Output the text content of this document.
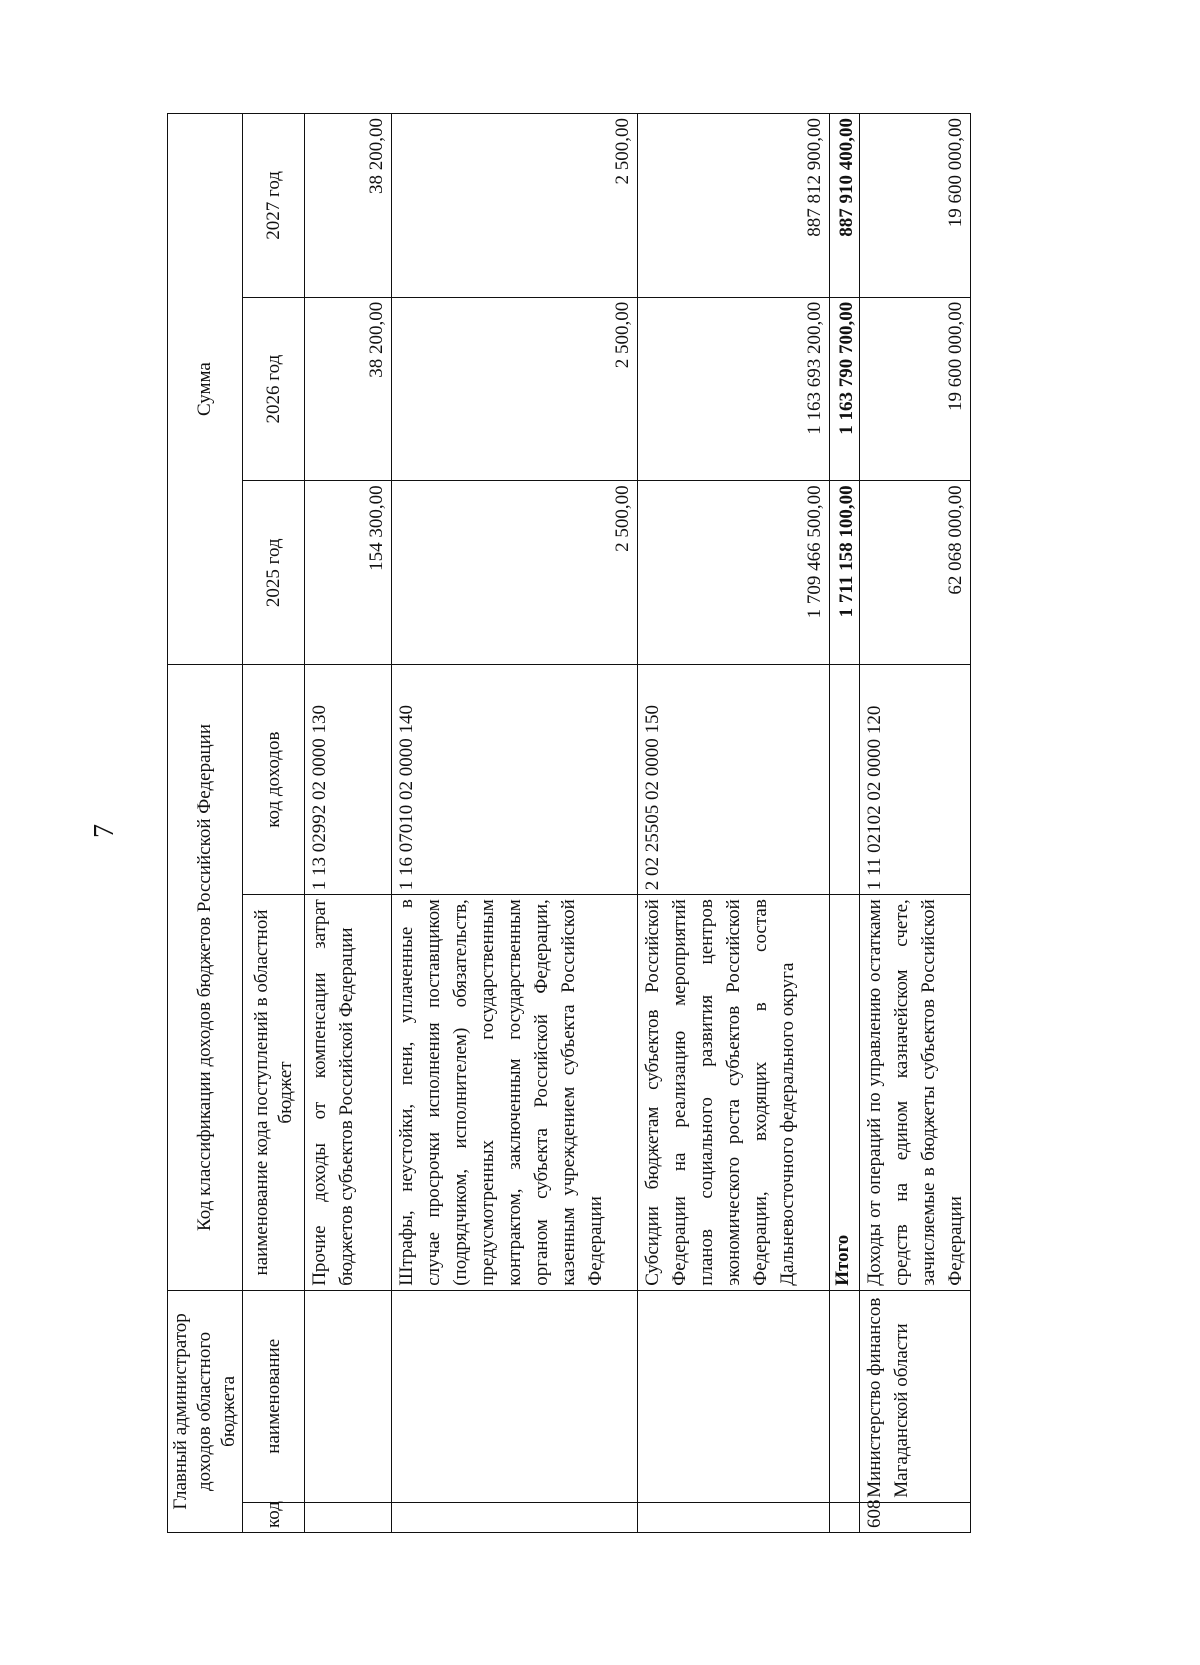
7
Главный администратор доходов областного бюджета		Код классификации доходов бюджетов Российской Федерации		Сумма		
код	наименование	наименование кода поступлений в областной бюджет	код доходов	2025 год	2026 год	2027 год
		Прочие доходы от компенсации затрат бюджетов субъектов Российской Федерации	1 13 02992 02 0000 130	154 300,00	38 200,00	38 200,00
		Штрафы, неустойки, пени, уплаченные в случае просрочки исполнения поставщиком (подрядчиком, исполнителем) обязательств, предусмотренных государственным контрактом, заключенным государственным органом субъекта Российской Федерации, казенным учреждением субъекта Российской Федерации	1 16 07010 02 0000 140	2 500,00	2 500,00	2 500,00
		Субсидии бюджетам субъектов Российской Федерации на реализацию мероприятий планов социального развития центров экономического роста субъектов Российской Федерации, входящих в состав Дальневосточного федерального округа	2 02 25505 02 0000 150	1 709 466 500,00	1 163 693 200,00	887 812 900,00
		Итого		1 711 158 100,00	1 163 790 700,00	887 910 400,00
608	Министерство финансов Магаданской области	Доходы от операций по управлению остатками средств на едином казначейском счете, зачисляемые в бюджеты субъектов Российской Федерации	1 11 02102 02 0000 120	62 068 000,00	19 600 000,00	19 600 000,00
